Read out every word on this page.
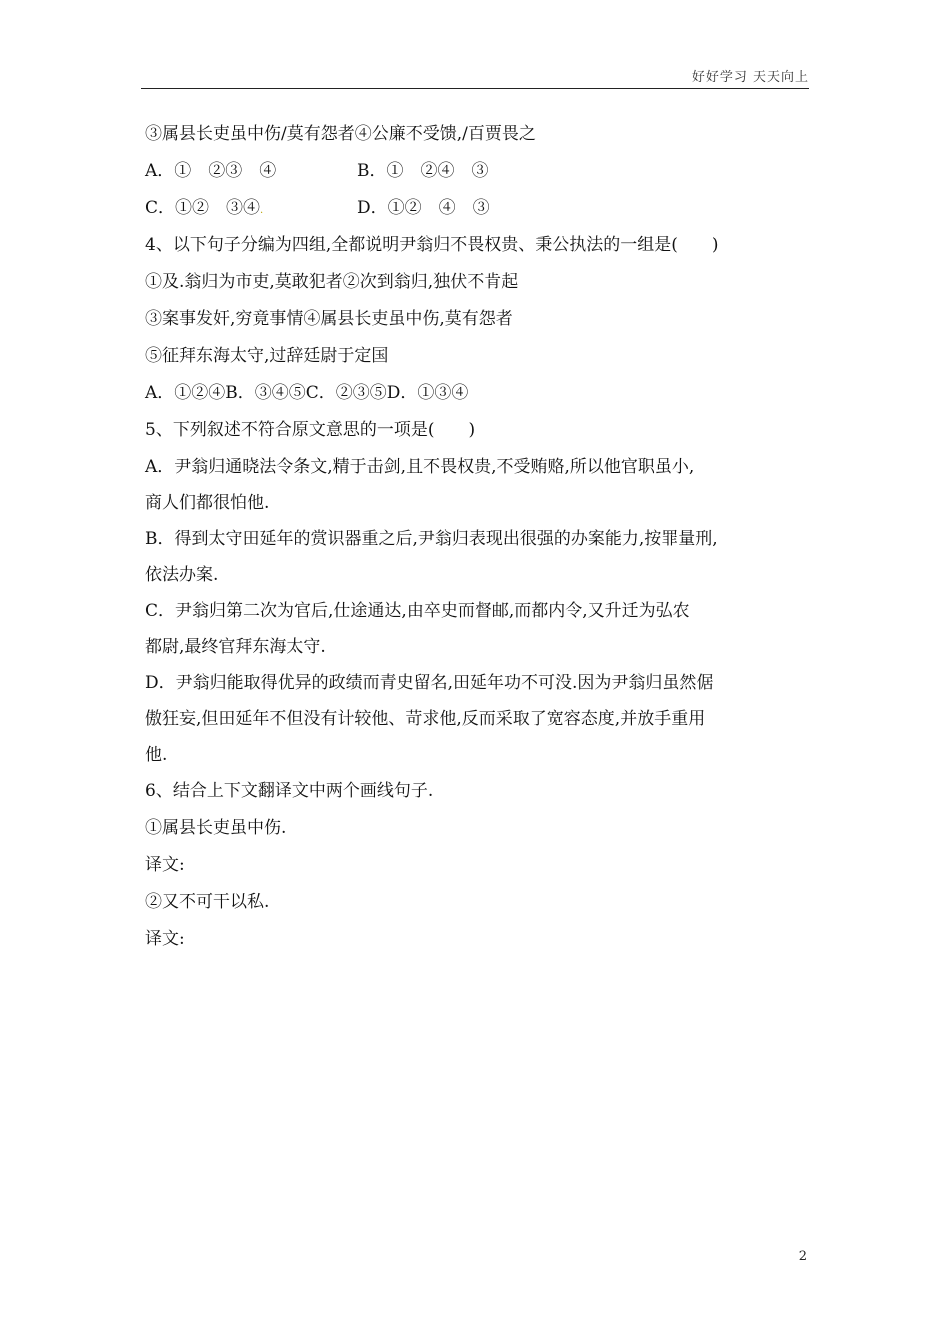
好好学习 天天向上
③属县长吏虽中伤/莫有怨者④公廉不受馈,/百贾畏之
A．①　②③　④	B．①　②④　③
C．①②　③④.	D．①②　④　③
4、以下句子分编为四组,全都说明尹翁归不畏权贵、秉公执法的一组是(　　)
①及.翁归为市吏,莫敢犯者②次到翁归,独伏不肯起
③案事发奸,穷竟事情④属县长吏虽中伤,莫有怨者
⑤征拜东海太守,过辞廷尉于定国
A．①②④B．③④⑤C．②③⑤D．①③④
5、下列叙述不符合原文意思的一项是(　　)
A．尹翁归通晓法令条文,精于击剑,且不畏权贵,不受贿赂,所以他官职虽小,
商人们都很怕他.
B．得到太守田延年的赏识器重之后,尹翁归表现出很强的办案能力,按罪量刑,
依法办案.
C．尹翁归第二次为官后,仕途通达,由卒史而督邮,而都内令,又升迁为弘农
都尉,最终官拜东海太守.
D．尹翁归能取得优异的政绩而青史留名,田延年功不可没.因为尹翁归虽然倨
傲狂妄,但田延年不但没有计较他、苛求他,反而采取了宽容态度,并放手重用
他.
6、结合上下文翻译文中两个画线句子.
①属县长吏虽中伤.
译文:
②又不可干以私.
译文:
2
